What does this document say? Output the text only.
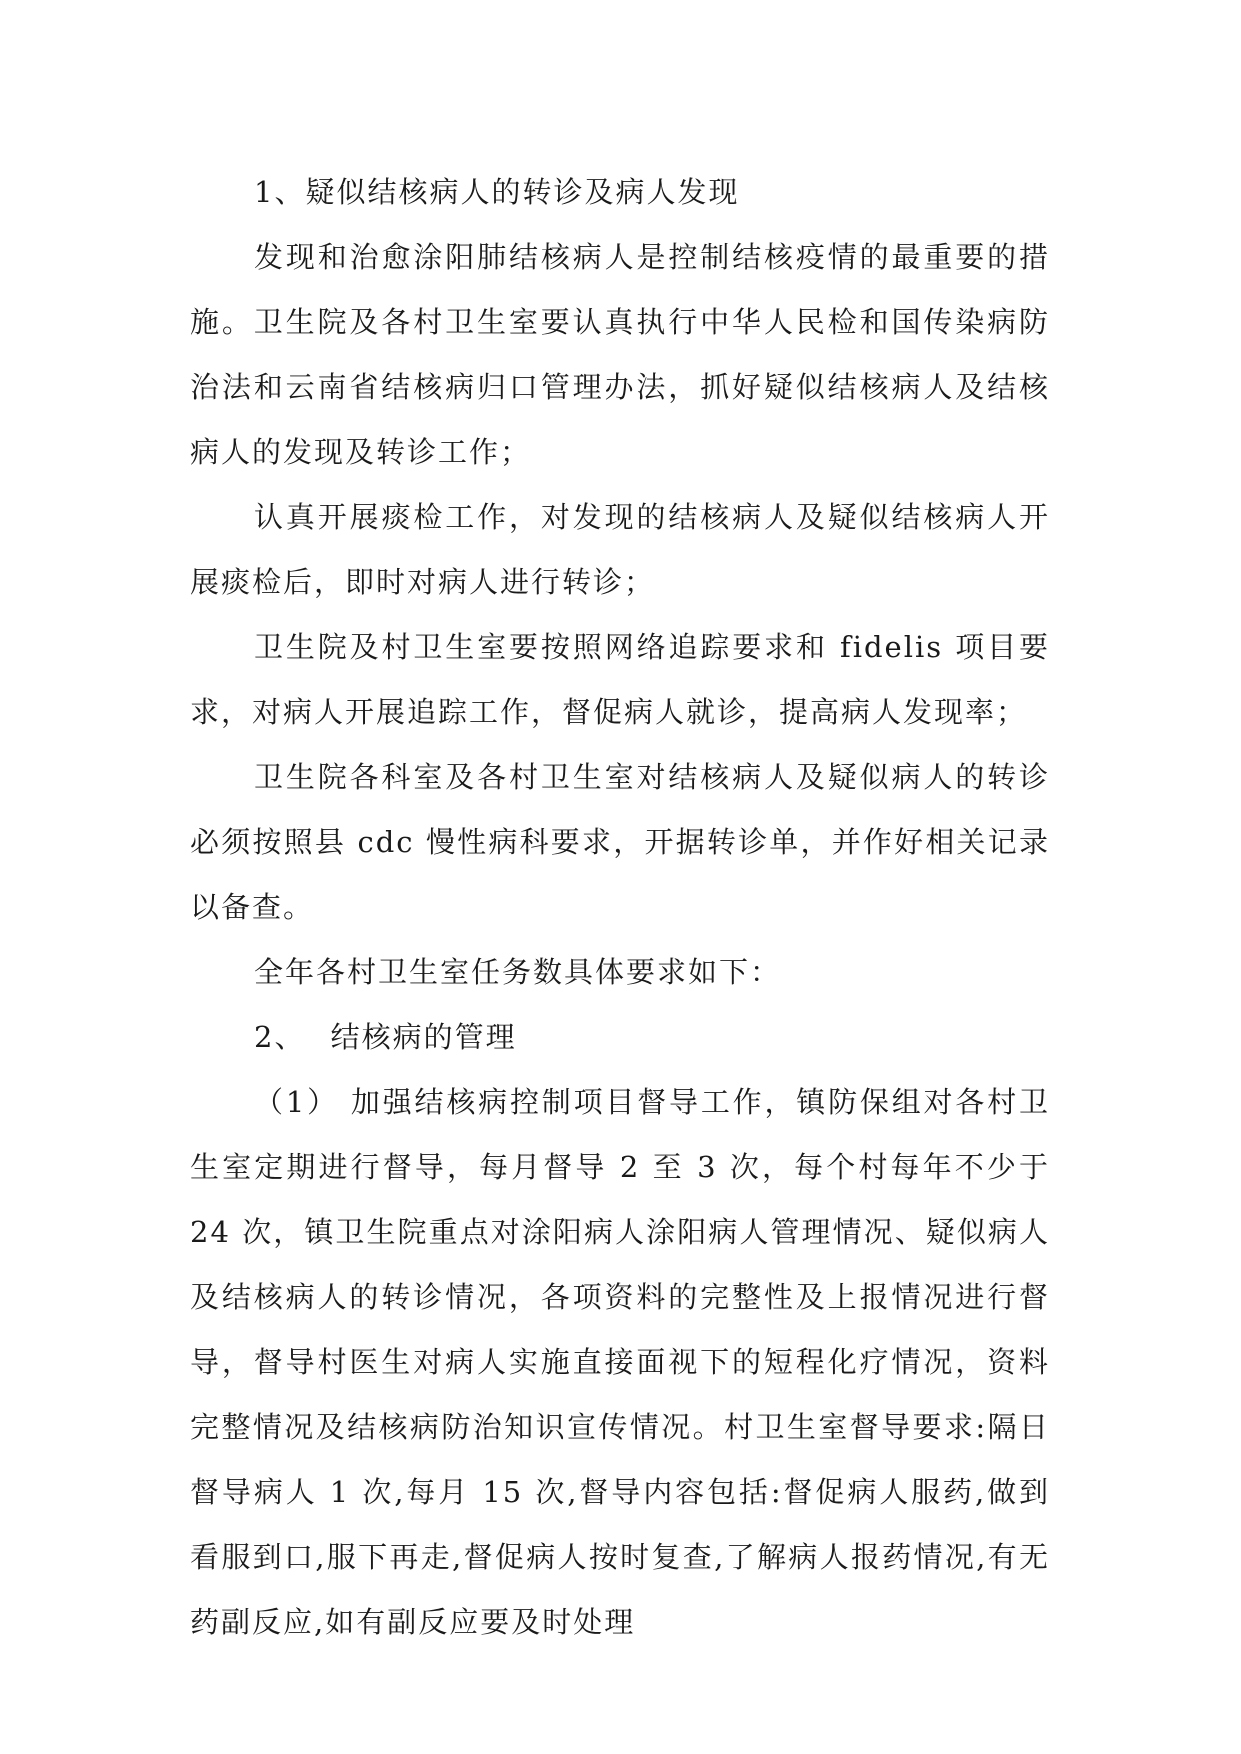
1、疑似结核病人的转诊及病人发现

发现和治愈涂阳肺结核病人是控制结核疫情的最重要的措施。卫生院及各村卫生室要认真执行中华人民检和国传染病防治法和云南省结核病归口管理办法，抓好疑似结核病人及结核病人的发现及转诊工作；

认真开展痰检工作，对发现的结核病人及疑似结核病人开展痰检后，即时对病人进行转诊；

卫生院及村卫生室要按照网络追踪要求和 fidelis 项目要求，对病人开展追踪工作，督促病人就诊，提高病人发现率；

卫生院各科室及各村卫生室对结核病人及疑似病人的转诊必须按照县 cdc 慢性病科要求，开据转诊单，并作好相关记录以备查。

全年各村卫生室任务数具体要求如下：

2、 结核病的管理

（1） 加强结核病控制项目督导工作，镇防保组对各村卫生室定期进行督导，每月督导 2 至 3 次，每个村每年不少于 24 次，镇卫生院重点对涂阳病人涂阳病人管理情况、疑似病人及结核病人的转诊情况，各项资料的完整性及上报情况进行督导，督导村医生对病人实施直接面视下的短程化疗情况，资料完整情况及结核病防治知识宣传情况。村卫生室督导要求:隔日督导病人 1 次,每月 15 次,督导内容包括:督促病人服药,做到看服到口,服下再走,督促病人按时复查,了解病人报药情况,有无药副反应,如有副反应要及时处理
